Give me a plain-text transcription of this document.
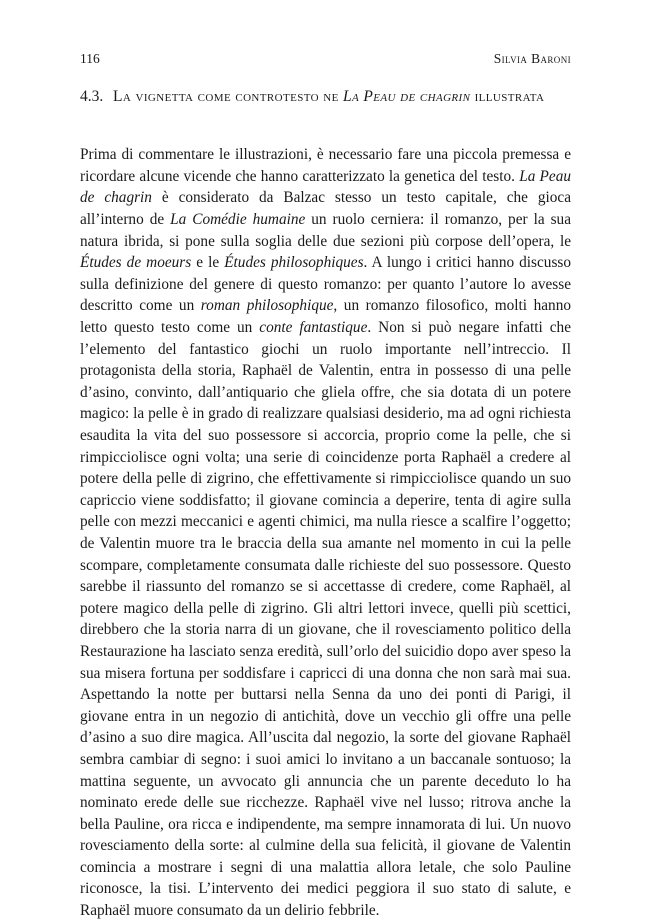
116	Silvia Baroni
4.3. La vignetta come controtesto ne La Peau de chagrin illustrata

Prima di commentare le illustrazioni, è necessario fare una piccola premessa e ricordare alcune vicende che hanno caratterizzato la genetica del testo. La Peau de chagrin è considerato da Balzac stesso un testo capitale, che gioca all’interno de La Comédie humaine un ruolo cerniera: il romanzo, per la sua natura ibrida, si pone sulla soglia delle due sezioni più corpose dell’opera, le Études de moeurs e le Études philosophiques. A lungo i critici hanno discusso sulla definizione del genere di questo romanzo: per quanto l’autore lo avesse descritto come un roman philosophique, un romanzo filosofico, molti hanno letto questo testo come un conte fantastique. Non si può negare infatti che l’elemento del fantastico giochi un ruolo importante nell’intreccio. Il protagonista della storia, Raphaël de Valentin, entra in possesso di una pelle d’asino, convinto, dall’antiquario che gliela offre, che sia dotata di un potere magico: la pelle è in grado di realizzare qualsiasi desiderio, ma ad ogni richiesta esaudita la vita del suo possessore si accorcia, proprio come la pelle, che si rimpicciolisce ogni volta; una serie di coincidenze porta Raphaël a credere al potere della pelle di zigrino, che effettivamente si rimpicciolisce quando un suo capriccio viene soddisfatto; il giovane comincia a deperire, tenta di agire sulla pelle con mezzi meccanici e agenti chimici, ma nulla riesce a scalfire l’oggetto; de Valentin muore tra le braccia della sua amante nel momento in cui la pelle scompare, completamente consumata dalle richieste del suo possessore. Questo sarebbe il riassunto del romanzo se si accettasse di credere, come Raphaël, al potere magico della pelle di zigrino. Gli altri lettori invece, quelli più scettici, direbbero che la storia narra di un giovane, che il rovesciamento politico della Restaurazione ha lasciato senza eredità, sull’orlo del suicidio dopo aver speso la sua misera fortuna per soddisfare i capricci di una donna che non sarà mai sua. Aspettando la notte per buttarsi nella Senna da uno dei ponti di Parigi, il giovane entra in un negozio di antichità, dove un vecchio gli offre una pelle d’asino a suo dire magica. All’uscita dal negozio, la sorte del giovane Raphaël sembra cambiar di segno: i suoi amici lo invitano a un baccanale sontuoso; la mattina seguente, un avvocato gli annuncia che un parente deceduto lo ha nominato erede delle sue ricchezze. Raphaël vive nel lusso; ritrova anche la bella Pauline, ora ricca e indipendente, ma sempre innamorata di lui. Un nuovo rovesciamento della sorte: al culmine della sua felicità, il giovane de Valentin comincia a mostrare i segni di una malattia allora letale, che solo Pauline riconosce, la tisi. L’intervento dei medici peggiora il suo stato di salute, e Raphaël muore consumato da un delirio febbrile.
